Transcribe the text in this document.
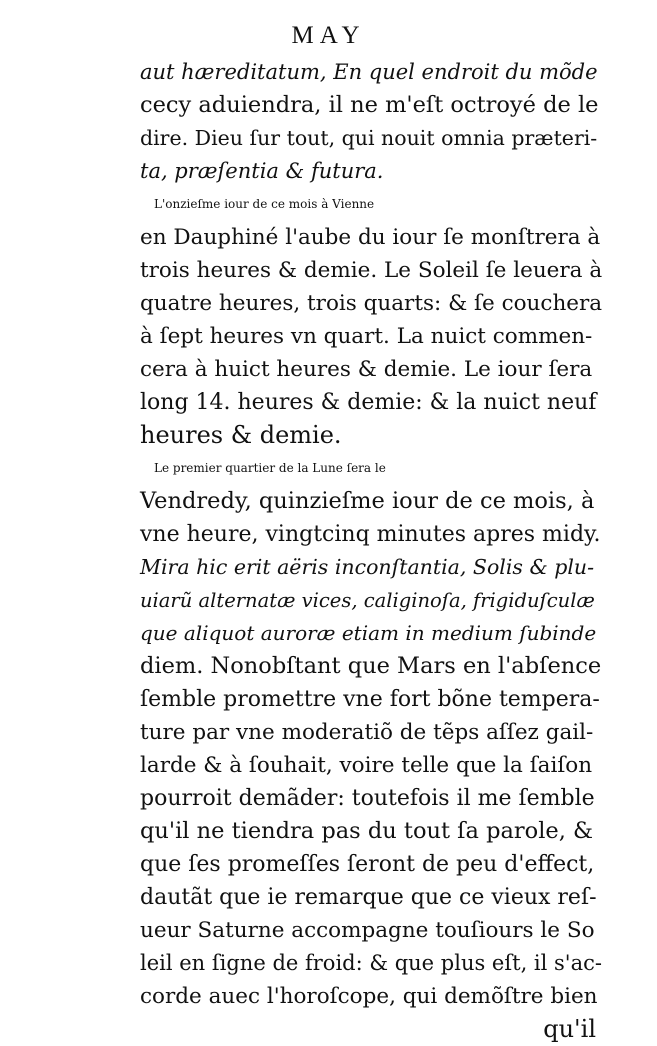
MAY
aut hæreditatum, En quel endroit du mõde
cecy aduiendra, il ne m'eſt octroyé de le
dire. Dieu ſur tout, qui nouit omnia præteri-
ta, præſentia & futura.
L'onzieſme iour de ce mois à Vienne
en Dauphiné l'aube du iour ſe monſtrera à
trois heures & demie. Le Soleil ſe leuera à
quatre heures, trois quarts: & ſe couchera
à ſept heures vn quart. La nuict commen-
cera à huict heures & demie. Le iour ſera
long 14. heures & demie: & la nuict neuf
heures & demie.
Le premier quartier de la Lune ſera le
Vendredy, quinzieſme iour de ce mois, à
vne heure, vingtcinq minutes apres midy.
Mira hic erit aëris inconſtantia, Solis & plu-
uiarũ alternatæ vices, caliginoſa, frigiduſculæ
que aliquot auroræ etiam in medium ſubinde
diem. Nonobſtant que Mars en l'abſence
ſemble promettre vne fort bõne tempera-
ture par vne moderatiõ de tẽps aſſez gail-
larde & à ſouhait, voire telle que la ſaiſon
pourroit demãder: toutefois il me ſemble
qu'il ne tiendra pas du tout ſa parole, &
que ſes promeſſes ſeront de peu d'effect,
dautãt que ie remarque que ce vieux reſ-
ueur Saturne accompagne touſiours le So
leil en ſigne de froid: & que plus eſt, il s'ac-
corde auec l'horoſcope, qui demõſtre bien
qu'il
